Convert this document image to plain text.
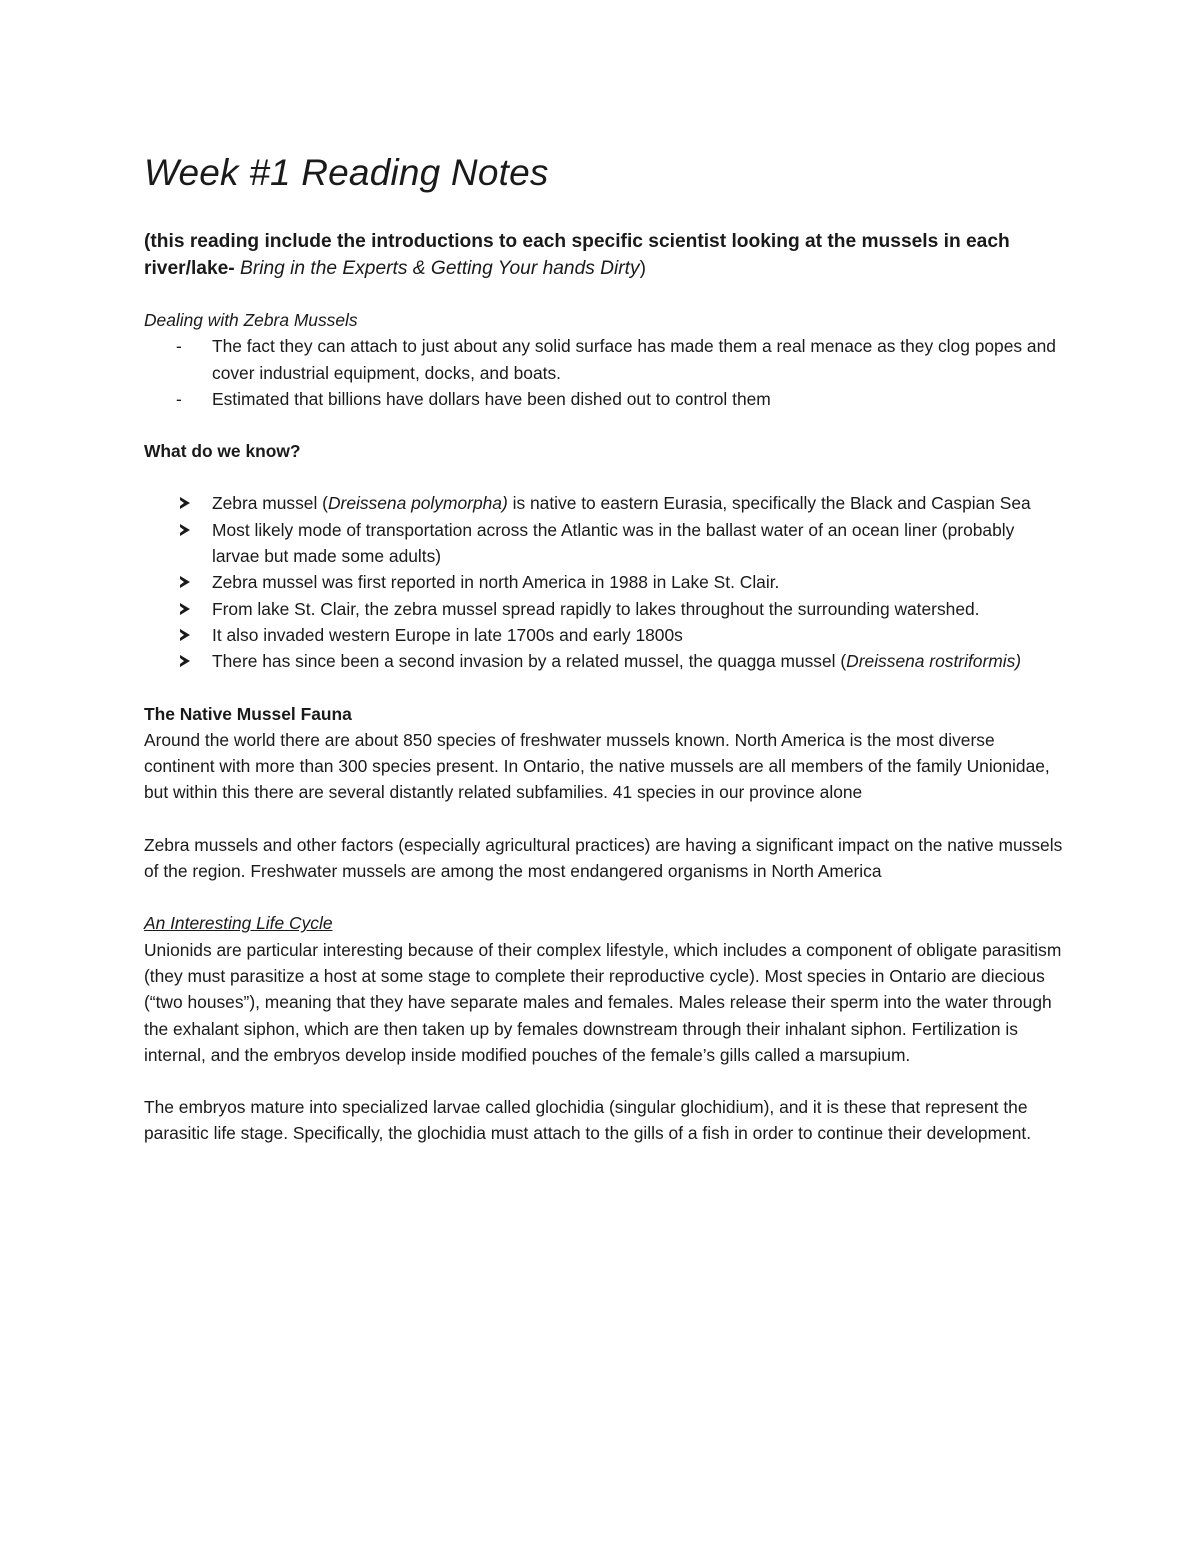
Week #1 Reading Notes

(this reading include the introductions to each specific scientist looking at the mussels in each river/lake- Bring in the Experts & Getting Your hands Dirty)

Dealing with Zebra Mussels

-	The fact they can attach to just about any solid surface has made them a real menace as they clog popes and cover industrial equipment, docks, and boats.
-	Estimated that billions have dollars have been dished out to control them

What do we know?

Zebra mussel (Dreissena polymorpha) is native to eastern Eurasia, specifically the Black and Caspian Sea
Most likely mode of transportation across the Atlantic was in the ballast water of an ocean liner (probably larvae but made some adults)
Zebra mussel was first reported in north America in 1988 in Lake St. Clair.
From lake St. Clair, the zebra mussel spread rapidly to lakes throughout the surrounding watershed.
It also invaded western Europe in late 1700s and early 1800s
There has since been a second invasion by a related mussel, the quagga mussel (Dreissena rostriformis)

The Native Mussel Fauna

Around the world there are about 850 species of freshwater mussels known. North America is the most diverse continent with more than 300 species present. In Ontario, the native mussels are all members of the family Unionidae, but within this there are several distantly related subfamilies. 41 species in our province alone

Zebra mussels and other factors (especially agricultural practices) are having a significant impact on the native mussels of the region. Freshwater mussels are among the most endangered organisms in North America

An Interesting Life Cycle

Unionids are particular interesting because of their complex lifestyle, which includes a component of obligate parasitism (they must parasitize a host at some stage to complete their reproductive cycle). Most species in Ontario are diecious (“two houses”), meaning that they have separate males and females. Males release their sperm into the water through the exhalant siphon, which are then taken up by females downstream through their inhalant siphon. Fertilization is internal, and the embryos develop inside modified pouches of the female’s gills called a marsupium.

The embryos mature into specialized larvae called glochidia (singular glochidium), and it is these that represent the parasitic life stage. Specifically, the glochidia must attach to the gills of a fish in order to continue their development.
